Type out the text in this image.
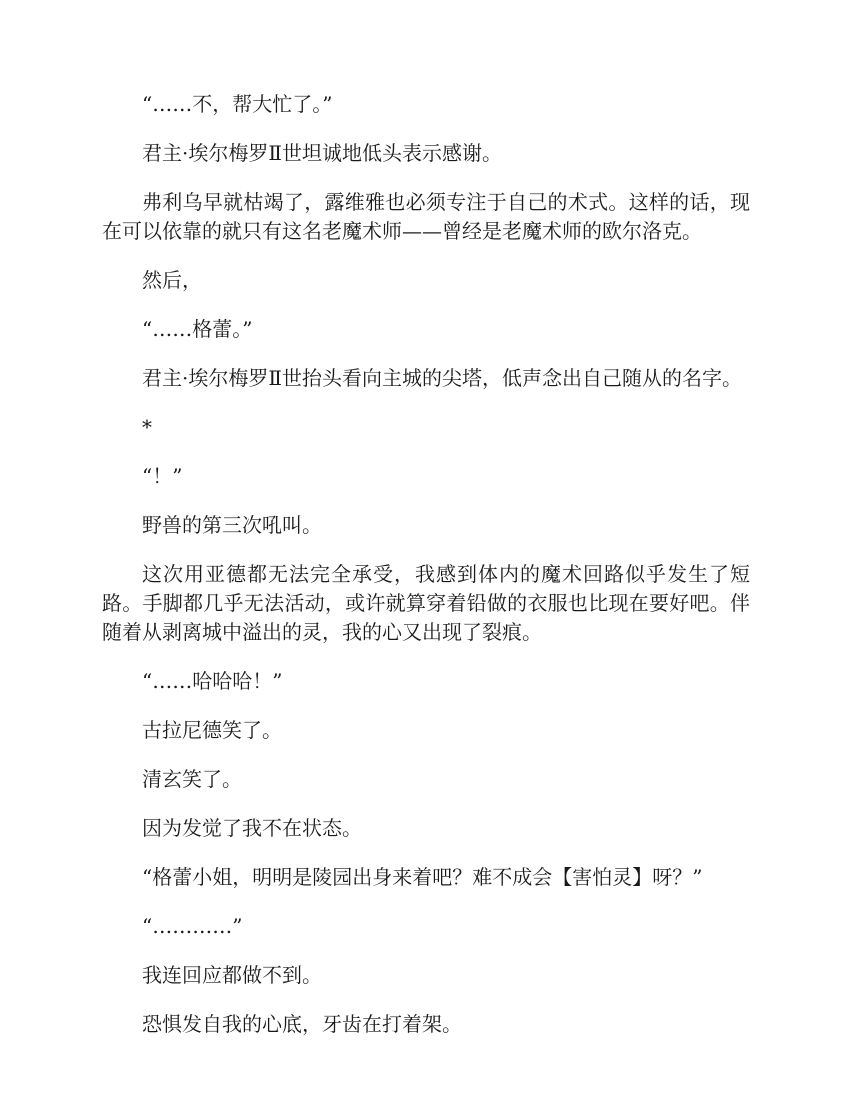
“……不，帮大忙了。”

君主·埃尔梅罗Ⅱ世坦诚地低头表示感谢。

弗利乌早就枯竭了，露维雅也必须专注于自己的术式。这样的话，现在可以依靠的就只有这名老魔术师——曾经是老魔术师的欧尔洛克。

然后，

“……格蕾。”

君主·埃尔梅罗Ⅱ世抬头看向主城的尖塔，低声念出自己随从的名字。

*

“！”

野兽的第三次吼叫。

这次用亚德都无法完全承受，我感到体内的魔术回路似乎发生了短路。手脚都几乎无法活动，或许就算穿着铅做的衣服也比现在要好吧。伴随着从剥离城中溢出的灵，我的心又出现了裂痕。

“……哈哈哈！”

古拉尼德笑了。

清玄笑了。

因为发觉了我不在状态。

“格蕾小姐，明明是陵园出身来着吧？难不成会【害怕灵】呀？”

“…………”

我连回应都做不到。

恐惧发自我的心底，牙齿在打着架。
